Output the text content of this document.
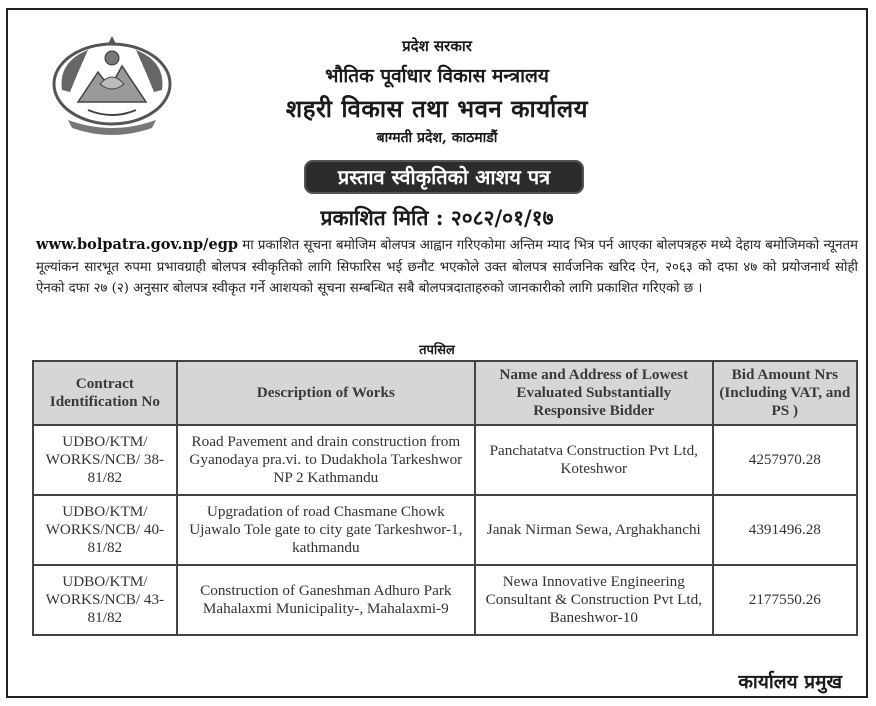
प्रदेश सरकार
भौतिक पूर्वाधार विकास मन्त्रालय
शहरी विकास तथा भवन कार्यालय
बाग्मती प्रदेश, काठमाडौं
प्रस्ताव स्वीकृतिको आशय पत्र
प्रकाशित मिति : २०८२/०१/१७
www.bolpatra.gov.np/egp मा प्रकाशित सूचना बमोजिम बोलपत्र आह्वान गरिएकोमा अन्तिम म्याद भित्र पर्न आएका बोलपत्रहरु मध्ये देहाय बमोजिमको न्यूनतम मूल्यांकन सारभूत रुपमा प्रभावग्राही बोलपत्र स्वीकृतिको लागि सिफारिस भई छनौट भएकोले उक्त बोलपत्र सार्वजनिक खरिद ऐन, २०६३ को दफा ४७ को प्रयोजनार्थ सोही ऐनको दफा २७ (२) अनुसार बोलपत्र स्वीकृत गर्ने आशयको सूचना सम्बन्धित सबै बोलपत्रदाताहरुको जानकारीको लागि प्रकाशित गरिएको छ ।
तपसिल
Contract Identification No	Description of Works	Name and Address of Lowest Evaluated Substantially Responsive Bidder	Bid Amount Nrs (Including VAT, and PS )
UDBO/KTM/ WORKS/NCB/ 38-81/82	Road Pavement and drain construction from Gyanodaya pra.vi. to Dudakhola Tarkeshwor NP 2 Kathmandu	Panchatatva Construction Pvt Ltd, Koteshwor	4257970.28
UDBO/KTM/ WORKS/NCB/ 40-81/82	Upgradation of road Chasmane Chowk Ujawalo Tole gate to city gate Tarkeshwor-1, kathmandu	Janak Nirman Sewa, Arghakhanchi	4391496.28
UDBO/KTM/ WORKS/NCB/ 43-81/82	Construction of Ganeshman Adhuro Park Mahalaxmi Municipality-, Mahalaxmi-9	Newa Innovative Engineering Consultant & Construction Pvt Ltd, Baneshwor-10	2177550.26
कार्यालय प्रमुख
